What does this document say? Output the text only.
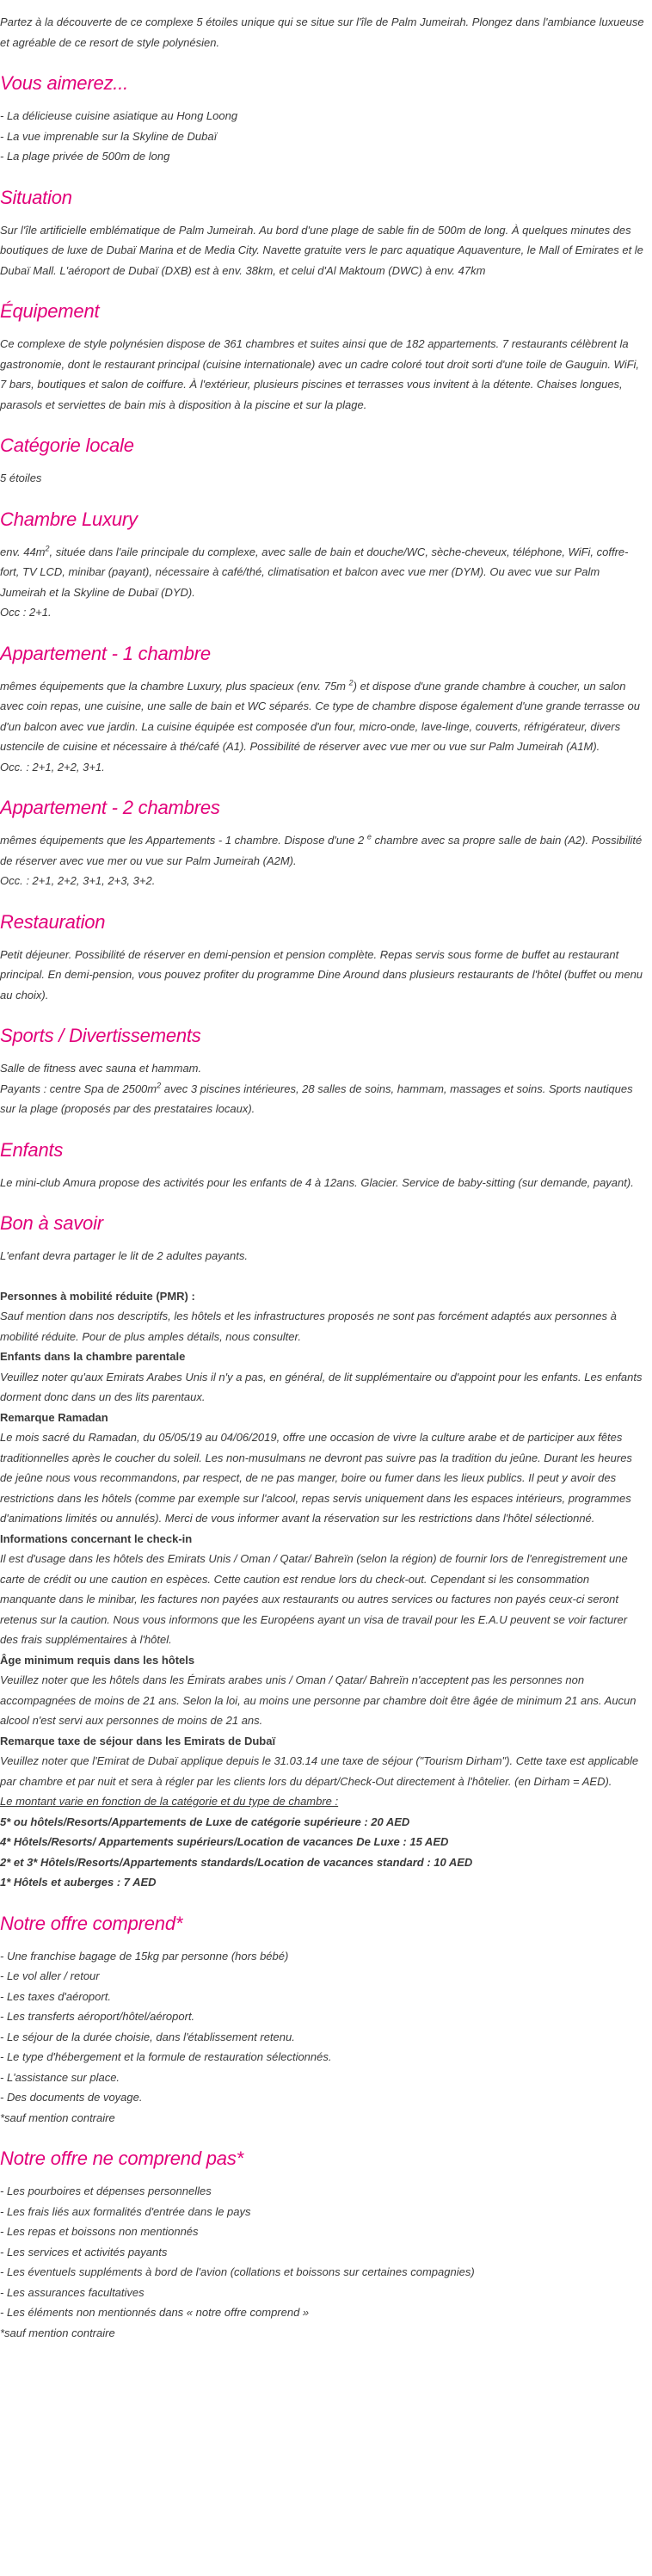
Partez à la découverte de ce complexe 5 étoiles unique qui se situe sur l'île de Palm Jumeirah. Plongez dans l'ambiance luxueuse et agréable de ce resort de style polynésien.

Vous aimerez...
- La délicieuse cuisine asiatique au Hong Loong
- La vue imprenable sur la Skyline de Dubaï
- La plage privée de 500m de long
Situation

Sur l'île artificielle emblématique de Palm Jumeirah. Au bord d'une plage de sable fin de 500m de long. À quelques minutes des boutiques de luxe de Dubaï Marina et de Media City. Navette gratuite vers le parc aquatique Aquaventure, le Mall of Emirates et le Dubaï Mall. L'aéroport de Dubaï (DXB) est à env. 38km, et celui d'Al Maktoum (DWC) à env. 47km

Équipement

Ce complexe de style polynésien dispose de 361 chambres et suites ainsi que de 182 appartements. 7 restaurants célèbrent la gastronomie, dont le restaurant principal (cuisine internationale) avec un cadre coloré tout droit sorti d'une toile de Gauguin. WiFi, 7 bars, boutiques et salon de coiffure. À l'extérieur, plusieurs piscines et terrasses vous invitent à la détente. Chaises longues, parasols et serviettes de bain mis à disposition à la piscine et sur la plage.

Catégorie locale

5 étoiles

Chambre Luxury

env. $44m^2$, située dans l'aile principale du complexe, avec salle de bain et douche/WC, sèche-cheveux, téléphone, WiFi, coffre-fort, TV LCD, minibar (payant), nécessaire à café/thé, climatisation et balcon avec vue mer (DYM). Ou avec vue sur Palm Jumeirah et la Skyline de Dubaï (DYD).

Occ : 2+1.

Appartement - 1 chambre

mêmes équipements que la chambre Luxury, plus spacieux (env. 75m $^2$) et dispose d'une grande chambre à coucher, un salon avec coin repas, une cuisine, une salle de bain et WC séparés. Ce type de chambre dispose également d'une grande terrasse ou d'un balcon avec vue jardin. La cuisine équipée est composée d'un four, micro-onde, lave-linge, couverts, réfrigérateur, divers ustencile de cuisine et nécessaire à thé/café (A1). Possibilité de réserver avec vue mer ou vue sur Palm Jumeirah (A1M).

Occ. : 2+1, 2+2, 3+1.

Appartement - 2 chambres

mêmes équipements que les Appartements - 1 chambre. Dispose d'une 2 $^e$ chambre avec sa propre salle de bain (A2). Possibilité de réserver avec vue mer ou vue sur Palm Jumeirah (A2M).

Occ. : 2+1, 2+2, 3+1, 2+3, 3+2.

Restauration

Petit déjeuner. Possibilité de réserver en demi-pension et pension complète. Repas servis sous forme de buffet au restaurant principal. En demi-pension, vous pouvez profiter du programme Dine Around dans plusieurs restaurants de l'hôtel (buffet ou menu au choix).

Sports / Divertissements

Salle de fitness avec sauna et hammam.

Payants : centre Spa de $2500m^2$ avec 3 piscines intérieures, 28 salles de soins, hammam, massages et soins. Sports nautiques sur la plage (proposés par des prestataires locaux).

Enfants

Le mini-club Amura propose des activités pour les enfants de 4 à 12ans. Glacier. Service de baby-sitting (sur demande, payant).

Bon à savoir

L'enfant devra partager le lit de 2 adultes payants.

Personnes à mobilité réduite (PMR) :

Sauf mention dans nos descriptifs, les hôtels et les infrastructures proposés ne sont pas forcément adaptés aux personnes à mobilité réduite. Pour de plus amples détails, nous consulter.

Enfants dans la chambre parentale

Veuillez noter qu'aux Emirats Arabes Unis il n'y a pas, en général, de lit supplémentaire ou d'appoint pour les enfants. Les enfants dorment donc dans un des lits parentaux.

Remarque Ramadan

Le mois sacré du Ramadan, du 05/05/19 au 04/06/2019, offre une occasion de vivre la culture arabe et de participer aux fêtes traditionnelles après le coucher du soleil. Les non-musulmans ne devront pas suivre pas la tradition du jeûne. Durant les heures de jeûne nous vous recommandons, par respect, de ne pas manger, boire ou fumer dans les lieux publics. Il peut y avoir des restrictions dans les hôtels (comme par exemple sur l'alcool, repas servis uniquement dans les espaces intérieurs, programmes d'animations limités ou annulés). Merci de vous informer avant la réservation sur les restrictions dans l'hôtel sélectionné.

Informations concernant le check-in

Il est d'usage dans les hôtels des Emirats Unis / Oman / Qatar/ Bahreïn (selon la région) de fournir lors de l'enregistrement une carte de crédit ou une caution en espèces. Cette caution est rendue lors du check-out. Cependant si les consommation manquante dans le minibar, les factures non payées aux restaurants ou autres services ou factures non payés ceux-ci seront retenus sur la caution. Nous vous informons que les Européens ayant un visa de travail pour les E.A.U peuvent se voir facturer des frais supplémentaires à l'hôtel.

Âge minimum requis dans les hôtels

Veuillez noter que les hôtels dans les Émirats arabes unis / Oman / Qatar/ Bahreïn n'acceptent pas les personnes non accompagnées de moins de 21 ans. Selon la loi, au moins une personne par chambre doit être âgée de minimum 21 ans. Aucun alcool n'est servi aux personnes de moins de 21 ans.

Remarque taxe de séjour dans les Emirats de Dubaï

Veuillez noter que l'Emirat de Dubaï applique depuis le 31.03.14 une taxe de séjour ("Tourism Dirham"). Cette taxe est applicable par chambre et par nuit et sera à régler par les clients lors du départ/Check-Out directement à l'hôtelier. (en Dirham = AED).

Le montant varie en fonction de la catégorie et du type de chambre :
5* ou hôtels/Resorts/Appartements de Luxe de catégorie supérieure : 20 AED
4* Hôtels/Resorts/ Appartements supérieurs/Location de vacances De Luxe : 15 AED
2* et 3* Hôtels/Resorts/Appartements standards/Location de vacances standard : 10 AED
1* Hôtels et auberges : 7 AED
Notre offre comprend*
- Une franchise bagage de 15kg par personne (hors bébé)
- Le vol aller / retour
- Les taxes d'aéroport.
- Les transferts aéroport/hôtel/aéroport.
- Le séjour de la durée choisie, dans l'établissement retenu.
- Le type d'hébergement et la formule de restauration sélectionnés.
- L'assistance sur place.
- Des documents de voyage.
*sauf mention contraire
Notre offre ne comprend pas*
- Les pourboires et dépenses personnelles
- Les frais liés aux formalités d'entrée dans le pays
- Les repas et boissons non mentionnés
- Les services et activités payants
- Les éventuels suppléments à bord de l'avion (collations et boissons sur certaines compagnies)
- Les assurances facultatives
- Les éléments non mentionnés dans « notre offre comprend »
*sauf mention contraire
